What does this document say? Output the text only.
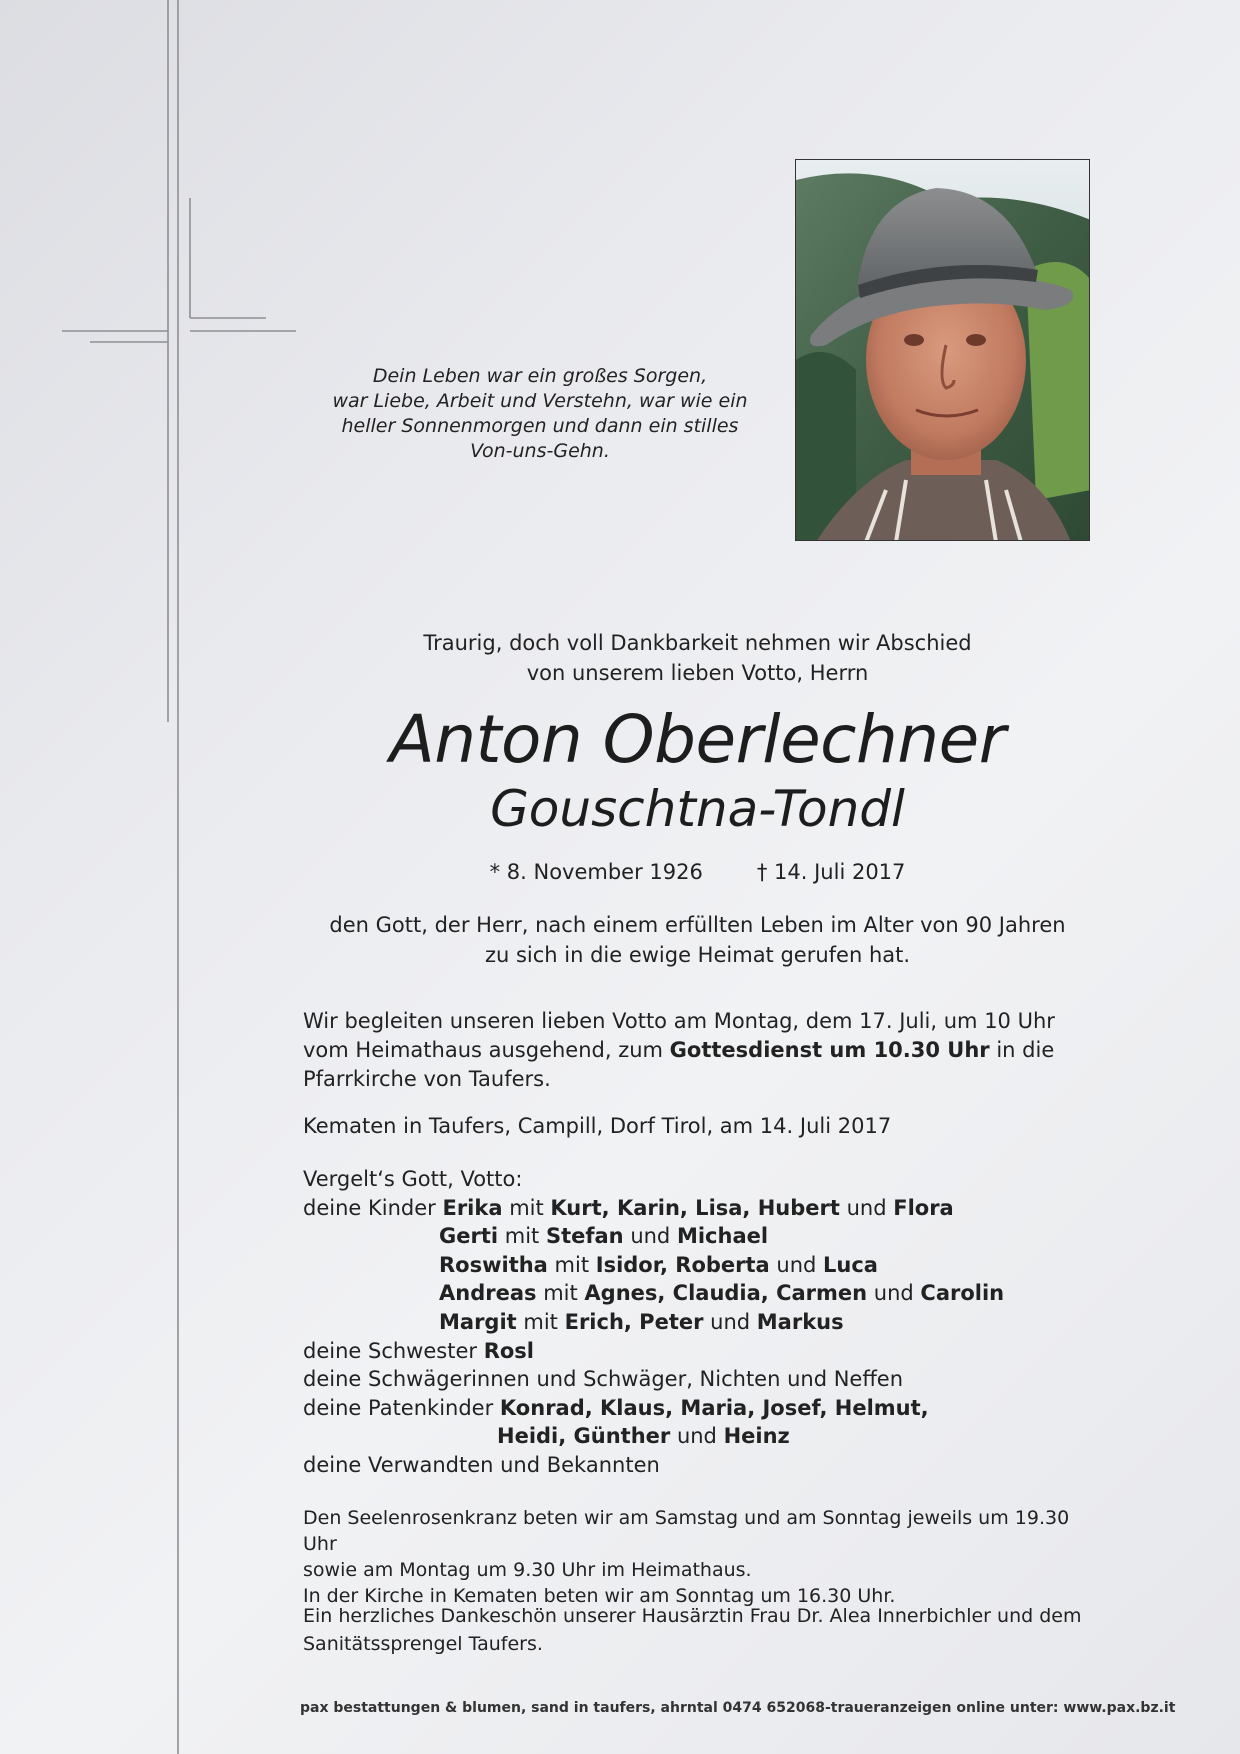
Dein Leben war ein großes Sorgen,
war Liebe, Arbeit und Verstehn, war wie ein
heller Sonnenmorgen und dann ein stilles
Von-uns-Gehn.
Traurig, doch voll Dankbarkeit nehmen wir Abschied
von unserem lieben Votto, Herrn
Anton Oberlechner
Gouschtna-Tondl
* 8. November 1926	† 14. Juli 2017
den Gott, der Herr, nach einem erfüllten Leben im Alter von 90 Jahren
zu sich in die ewige Heimat gerufen hat.
Wir begleiten unseren lieben Votto am Montag, dem 17. Juli, um 10 Uhr vom Heimathaus ausgehend, zum Gottesdienst um 10.30 Uhr in die Pfarrkirche von Taufers.
Kematen in Taufers, Campill, Dorf Tirol, am 14. Juli 2017
Vergelt‘s Gott, Votto:
deine Kinder Erika mit Kurt, Karin, Lisa, Hubert und Flora
Gerti mit Stefan und Michael
Roswitha mit Isidor, Roberta und Luca
Andreas mit Agnes, Claudia, Carmen und Carolin
Margit mit Erich, Peter und Markus
deine Schwester Rosl
deine Schwägerinnen und Schwäger, Nichten und Neffen
deine Patenkinder Konrad, Klaus, Maria, Josef, Helmut,
Heidi, Günther und Heinz
deine Verwandten und Bekannten
Den Seelenrosenkranz beten wir am Samstag und am Sonntag jeweils um 19.30 Uhr
sowie am Montag um 9.30 Uhr im Heimathaus.
In der Kirche in Kematen beten wir am Sonntag um 16.30 Uhr.
Ein herzliches Dankeschön unserer Hausärztin Frau Dr. Alea Innerbichler und dem
Sanitätssprengel Taufers.
pax bestattungen & blumen, sand in taufers, ahrntal 0474 652068-traueranzeigen online unter: www.pax.bz.it
